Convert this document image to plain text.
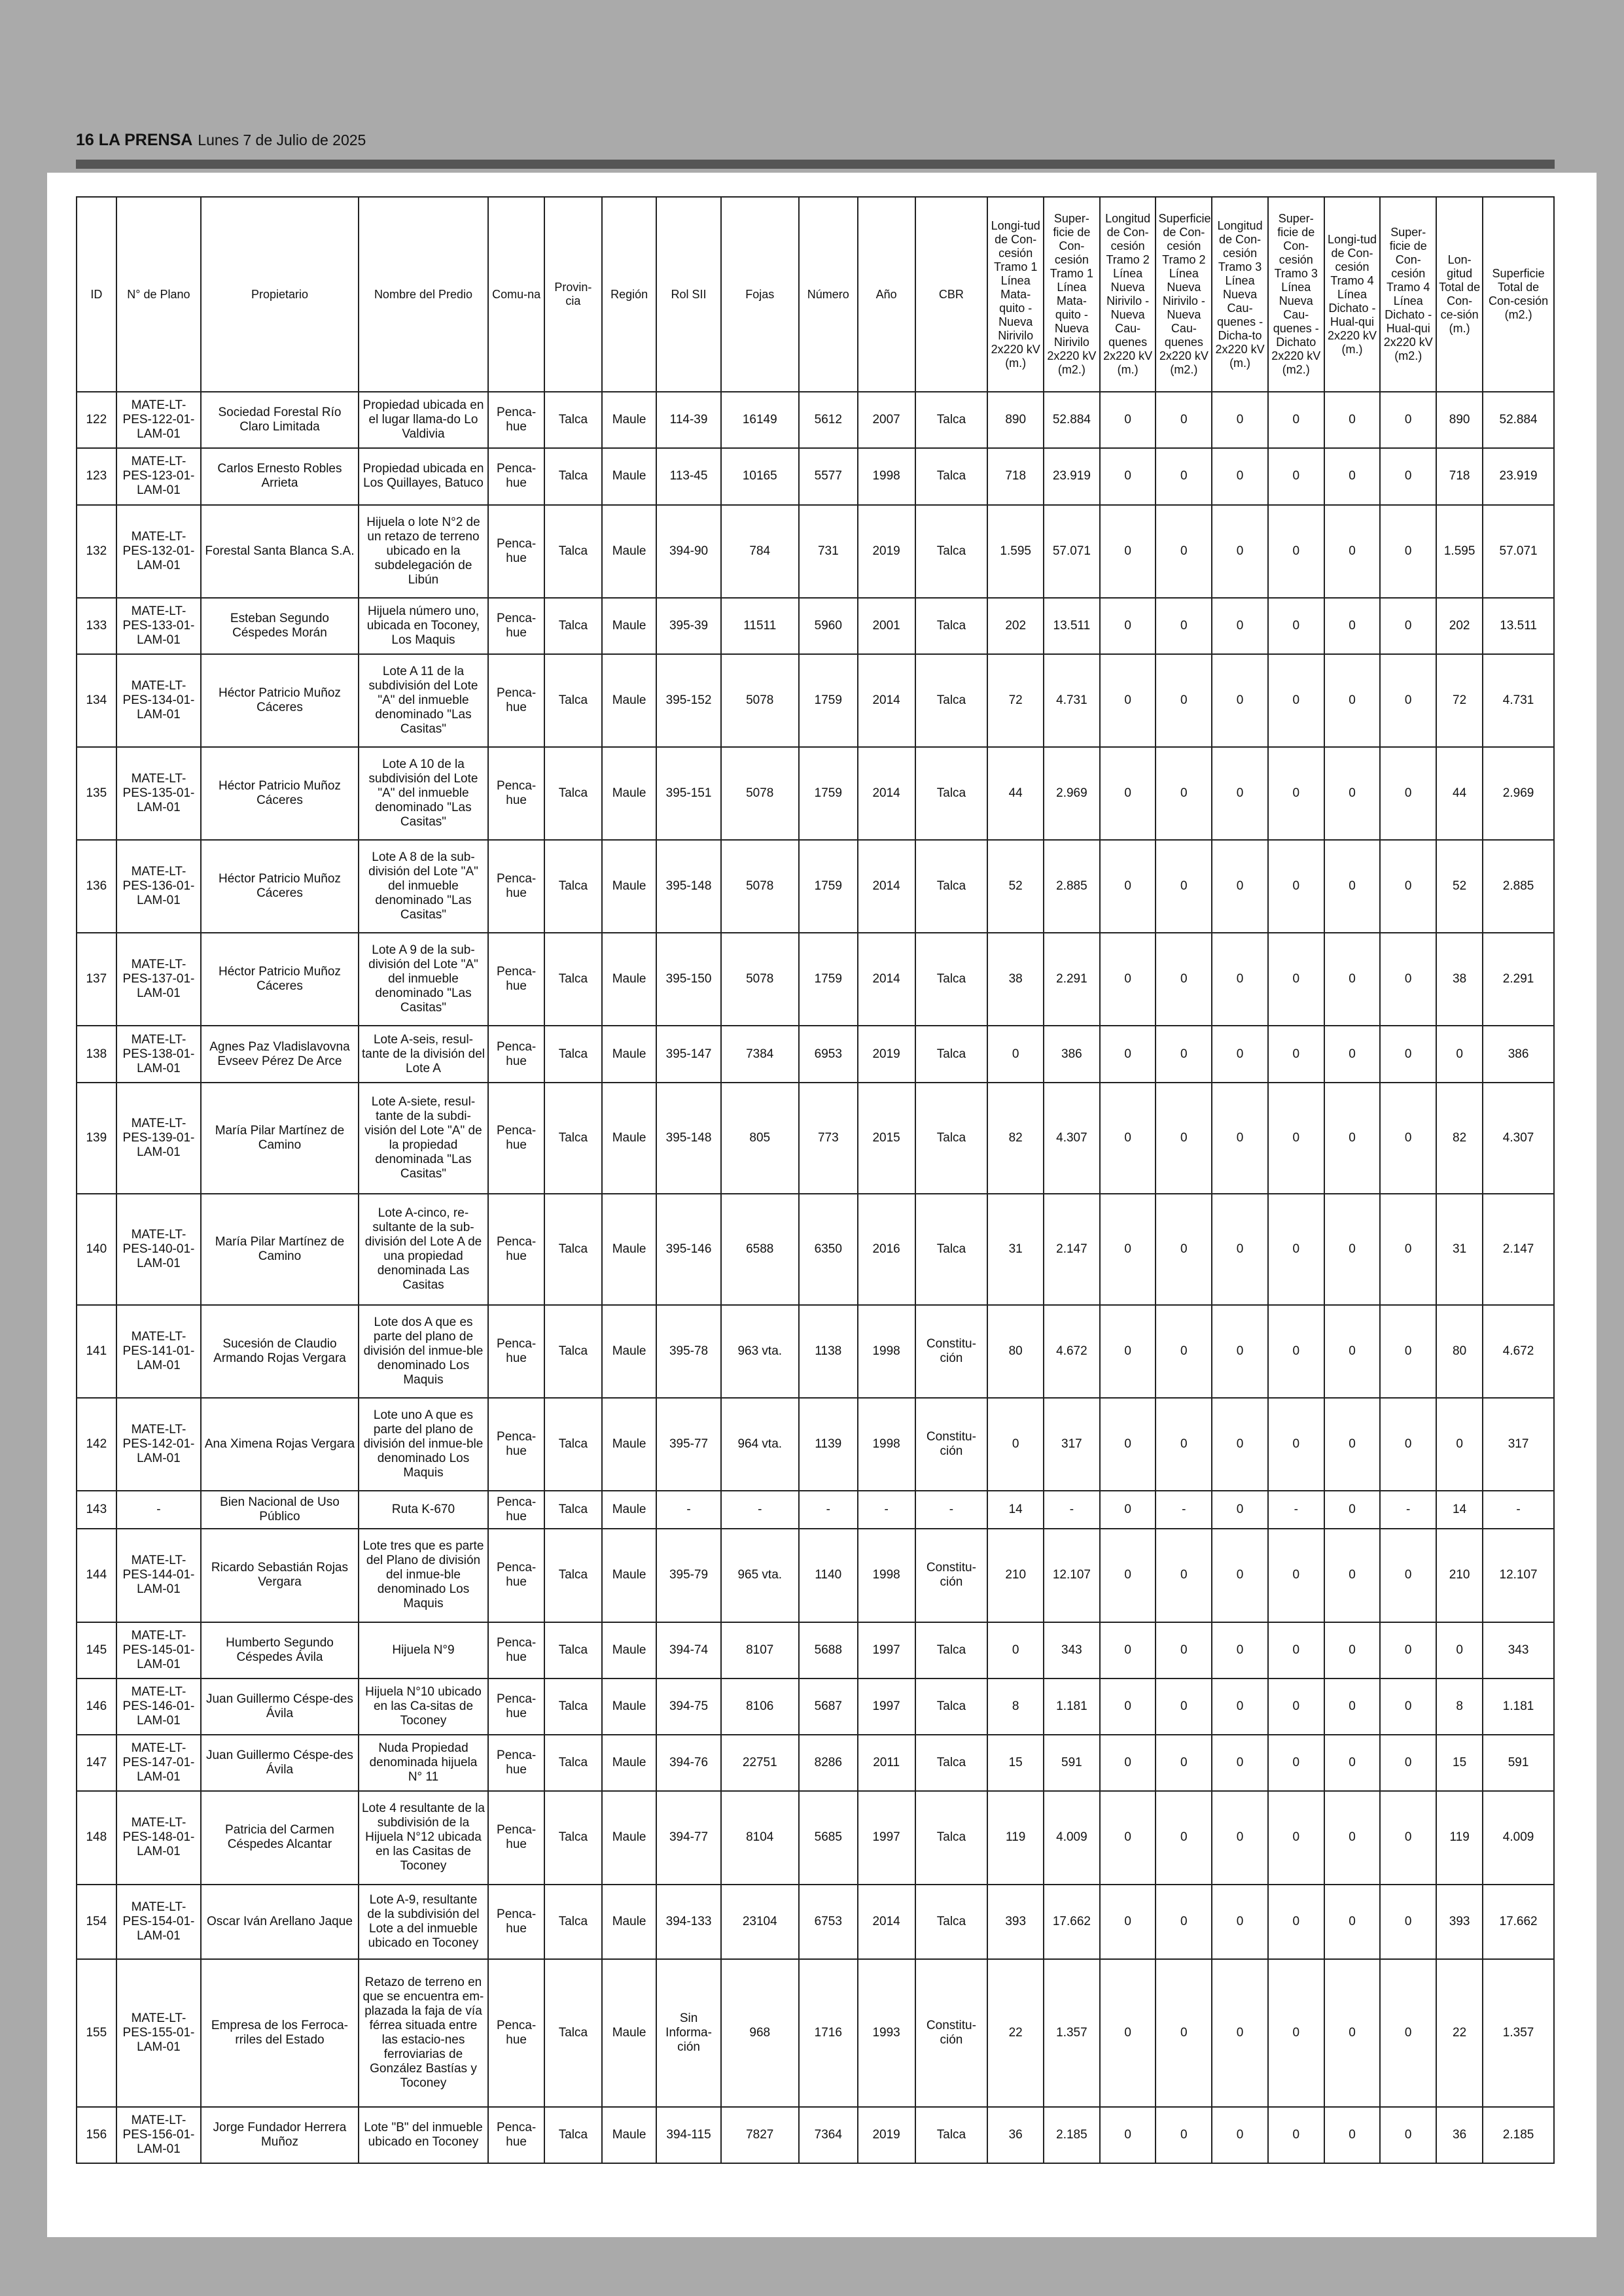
16 LA PRENSA Lunes 7 de Julio de 2025
ID	N° de Plano	Propietario	Nombre del Predio	Comu-na	Provin-cia	Región	Rol SII	Fojas	Número	Año	CBR	Longi-tud de Con-cesión Tramo 1 Línea Mata-quito - Nueva Nirivilo 2x220 kV (m.)	Super-ficie de Con-cesión Tramo 1 Línea Mata-quito - Nueva Nirivilo 2x220 kV (m2.)	Longitud de Con-cesión Tramo 2 Línea Nueva Nirivilo - Nueva Cau-quenes 2x220 kV (m.)	Superficie de Con-cesión Tramo 2 Línea Nueva Nirivilo - Nueva Cau-quenes 2x220 kV (m2.)	Longitud de Con-cesión Tramo 3 Línea Nueva Cau-quenes - Dicha-to 2x220 kV (m.)	Super-ficie de Con-cesión Tramo 3 Línea Nueva Cau-quenes - Dichato 2x220 kV (m2.)	Longi-tud de Con-cesión Tramo 4 Línea Dichato - Hual-qui 2x220 kV (m.)	Super-ficie de Con-cesión Tramo 4 Línea Dichato - Hual-qui 2x220 kV (m2.)	Lon-gitud Total de Con-ce-sión (m.)	Superficie Total de Con-cesión (m2.)
122	MATE-LT-PES-122-01-LAM-01	Sociedad Forestal Río Claro Limitada	Propiedad ubicada en el lugar llama-do Lo Valdivia	Penca-hue	Talca	Maule	114-39	16149	5612	2007	Talca	890	52.884	0	0	0	0	0	0	890	52.884
123	MATE-LT-PES-123-01-LAM-01	Carlos Ernesto Robles Arrieta	Propiedad ubicada en Los Quillayes, Batuco	Penca-hue	Talca	Maule	113-45	10165	5577	1998	Talca	718	23.919	0	0	0	0	0	0	718	23.919
132	MATE-LT-PES-132-01-LAM-01	Forestal Santa Blanca S.A.	Hijuela o lote N°2 de un retazo de terreno ubicado en la subdelegación de Libún	Penca-hue	Talca	Maule	394-90	784	731	2019	Talca	1.595	57.071	0	0	0	0	0	0	1.595	57.071
133	MATE-LT-PES-133-01-LAM-01	Esteban Segundo Céspedes Morán	Hijuela número uno, ubicada en Toconey, Los Maquis	Penca-hue	Talca	Maule	395-39	11511	5960	2001	Talca	202	13.511	0	0	0	0	0	0	202	13.511
134	MATE-LT-PES-134-01-LAM-01	Héctor Patricio Muñoz Cáceres	Lote A 11 de la subdivisión del Lote "A" del inmueble denominado "Las Casitas"	Penca-hue	Talca	Maule	395-152	5078	1759	2014	Talca	72	4.731	0	0	0	0	0	0	72	4.731
135	MATE-LT-PES-135-01-LAM-01	Héctor Patricio Muñoz Cáceres	Lote A 10 de la subdivisión del Lote "A" del inmueble denominado "Las Casitas"	Penca-hue	Talca	Maule	395-151	5078	1759	2014	Talca	44	2.969	0	0	0	0	0	0	44	2.969
136	MATE-LT-PES-136-01-LAM-01	Héctor Patricio Muñoz Cáceres	Lote A 8 de la sub-división del Lote "A" del inmueble denominado "Las Casitas"	Penca-hue	Talca	Maule	395-148	5078	1759	2014	Talca	52	2.885	0	0	0	0	0	0	52	2.885
137	MATE-LT-PES-137-01-LAM-01	Héctor Patricio Muñoz Cáceres	Lote A 9 de la sub-división del Lote "A" del inmueble denominado "Las Casitas"	Penca-hue	Talca	Maule	395-150	5078	1759	2014	Talca	38	2.291	0	0	0	0	0	0	38	2.291
138	MATE-LT-PES-138-01-LAM-01	Agnes Paz Vladislavovna Evseev Pérez De Arce	Lote A-seis, resul-tante de la división del Lote A	Penca-hue	Talca	Maule	395-147	7384	6953	2019	Talca	0	386	0	0	0	0	0	0	0	386
139	MATE-LT-PES-139-01-LAM-01	María Pilar Martínez de Camino	Lote A-siete, resul-tante de la subdi-visión del Lote "A" de la propiedad denominada "Las Casitas"	Penca-hue	Talca	Maule	395-148	805	773	2015	Talca	82	4.307	0	0	0	0	0	0	82	4.307
140	MATE-LT-PES-140-01-LAM-01	María Pilar Martínez de Camino	Lote A-cinco, re-sultante de la sub-división del Lote A de una propiedad denominada Las Casitas	Penca-hue	Talca	Maule	395-146	6588	6350	2016	Talca	31	2.147	0	0	0	0	0	0	31	2.147
141	MATE-LT-PES-141-01-LAM-01	Sucesión de Claudio Armando Rojas Vergara	Lote dos A que es parte del plano de división del inmue-ble denominado Los Maquis	Penca-hue	Talca	Maule	395-78	963 vta.	1138	1998	Constitu-ción	80	4.672	0	0	0	0	0	0	80	4.672
142	MATE-LT-PES-142-01-LAM-01	Ana Ximena Rojas Vergara	Lote uno A que es parte del plano de división del inmue-ble denominado Los Maquis	Penca-hue	Talca	Maule	395-77	964 vta.	1139	1998	Constitu-ción	0	317	0	0	0	0	0	0	0	317
143	-	Bien Nacional de Uso Público	Ruta K-670	Penca-hue	Talca	Maule	-	-	-	-	-	14	-	0	-	0	-	0	-	14	-
144	MATE-LT-PES-144-01-LAM-01	Ricardo Sebastián Rojas Vergara	Lote tres que es parte del Plano de división del inmue-ble denominado Los Maquis	Penca-hue	Talca	Maule	395-79	965 vta.	1140	1998	Constitu-ción	210	12.107	0	0	0	0	0	0	210	12.107
145	MATE-LT-PES-145-01-LAM-01	Humberto Segundo Céspedes Ávila	Hijuela N°9	Penca-hue	Talca	Maule	394-74	8107	5688	1997	Talca	0	343	0	0	0	0	0	0	0	343
146	MATE-LT-PES-146-01-LAM-01	Juan Guillermo Céspe-des Ávila	Hijuela N°10 ubicado en las Ca-sitas de Toconey	Penca-hue	Talca	Maule	394-75	8106	5687	1997	Talca	8	1.181	0	0	0	0	0	0	8	1.181
147	MATE-LT-PES-147-01-LAM-01	Juan Guillermo Céspe-des Ávila	Nuda Propiedad denominada hijuela N° 11	Penca-hue	Talca	Maule	394-76	22751	8286	2011	Talca	15	591	0	0	0	0	0	0	15	591
148	MATE-LT-PES-148-01-LAM-01	Patricia del Carmen Céspedes Alcantar	Lote 4 resultante de la subdivisión de la Hijuela N°12 ubicada en las Casitas de Toconey	Penca-hue	Talca	Maule	394-77	8104	5685	1997	Talca	119	4.009	0	0	0	0	0	0	119	4.009
154	MATE-LT-PES-154-01-LAM-01	Oscar Iván Arellano Jaque	Lote A-9, resultante de la subdivisión del Lote a del inmueble ubicado en Toconey	Penca-hue	Talca	Maule	394-133	23104	6753	2014	Talca	393	17.662	0	0	0	0	0	0	393	17.662
155	MATE-LT-PES-155-01-LAM-01	Empresa de los Ferroca-rriles del Estado	Retazo de terreno en que se encuentra em-plazada la faja de vía férrea situada entre las estacio-nes ferroviarias de González Bastías y Toconey	Penca-hue	Talca	Maule	Sin Informa-ción	968	1716	1993	Constitu-ción	22	1.357	0	0	0	0	0	0	22	1.357
156	MATE-LT-PES-156-01-LAM-01	Jorge Fundador Herrera Muñoz	Lote "B" del inmueble ubicado en Toconey	Penca-hue	Talca	Maule	394-115	7827	7364	2019	Talca	36	2.185	0	0	0	0	0	0	36	2.185
